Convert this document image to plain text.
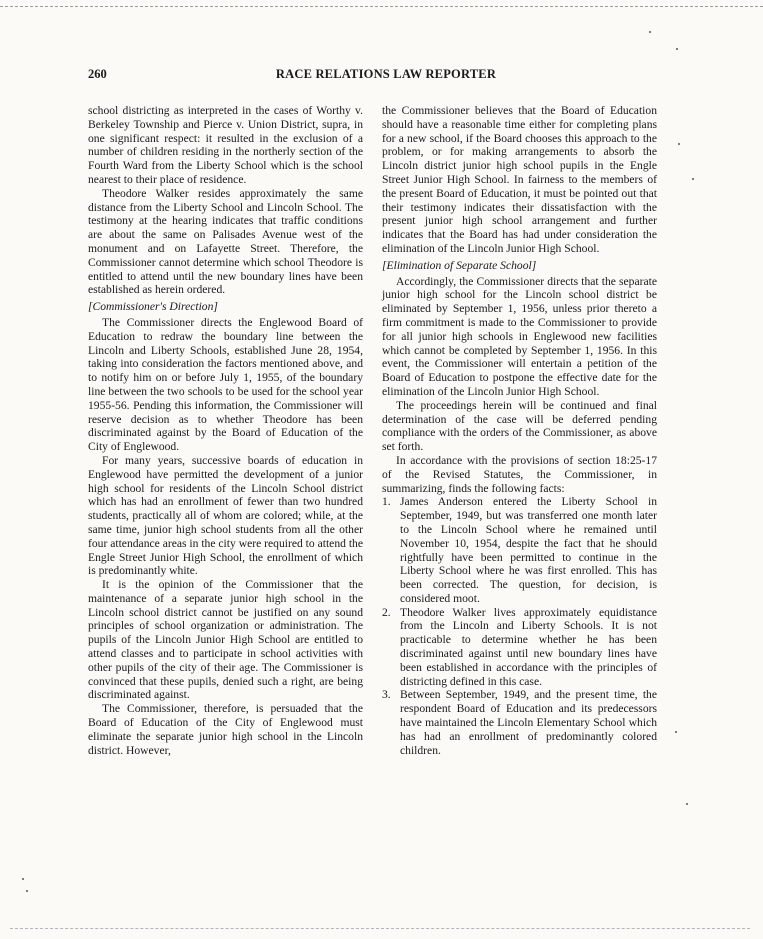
260	RACE RELATIONS LAW REPORTER

school districting as interpreted in the cases of Worthy v. Berkeley Township and Pierce v. Union District, supra, in one significant respect: it resulted in the exclusion of a number of children residing in the northerly section of the Fourth Ward from the Liberty School which is the school nearest to their place of residence.

Theodore Walker resides approximately the same distance from the Liberty School and Lincoln School. The testimony at the hearing indicates that traffic conditions are about the same on Palisades Avenue west of the monument and on Lafayette Street. Therefore, the Commissioner cannot determine which school Theodore is entitled to attend until the new boundary lines have been established as herein ordered.

[Commissioner's Direction]

The Commissioner directs the Englewood Board of Education to redraw the boundary line between the Lincoln and Liberty Schools, established June 28, 1954, taking into consideration the factors mentioned above, and to notify him on or before July 1, 1955, of the boundary line between the two schools to be used for the school year 1955-56. Pending this information, the Commissioner will reserve decision as to whether Theodore has been discriminated against by the Board of Education of the City of Englewood.

For many years, successive boards of education in Englewood have permitted the development of a junior high school for residents of the Lincoln School district which has had an enrollment of fewer than two hundred students, practically all of whom are colored; while, at the same time, junior high school students from all the other four attendance areas in the city were required to attend the Engle Street Junior High School, the enrollment of which is predominantly white.

It is the opinion of the Commissioner that the maintenance of a separate junior high school in the Lincoln school district cannot be justified on any sound principles of school organization or administration. The pupils of the Lincoln Junior High School are entitled to attend classes and to participate in school activities with other pupils of the city of their age. The Commissioner is convinced that these pupils, denied such a right, are being discriminated against.

The Commissioner, therefore, is persuaded that the Board of Education of the City of Englewood must eliminate the separate junior high school in the Lincoln district. However,

the Commissioner believes that the Board of Education should have a reasonable time either for completing plans for a new school, if the Board chooses this approach to the problem, or for making arrangements to absorb the Lincoln district junior high school pupils in the Engle Street Junior High School. In fairness to the members of the present Board of Education, it must be pointed out that their testimony indicates their dissatisfaction with the present junior high school arrangement and further indicates that the Board has had under consideration the elimination of the Lincoln Junior High School.

[Elimination of Separate School]

Accordingly, the Commissioner directs that the separate junior high school for the Lincoln school district be eliminated by September 1, 1956, unless prior thereto a firm commitment is made to the Commissioner to provide for all junior high schools in Englewood new facilities which cannot be completed by September 1, 1956. In this event, the Commissioner will entertain a petition of the Board of Education to postpone the effective date for the elimination of the Lincoln Junior High School.

The proceedings herein will be continued and final determination of the case will be deferred pending compliance with the orders of the Commissioner, as above set forth.

In accordance with the provisions of section 18:25-17 of the Revised Statutes, the Commissioner, in summarizing, finds the following facts:

1. James Anderson entered the Liberty School in September, 1949, but was transferred one month later to the Lincoln School where he remained until November 10, 1954, despite the fact that he should rightfully have been permitted to continue in the Liberty School where he was first enrolled. This has been corrected. The question, for decision, is considered moot.
2. Theodore Walker lives approximately equidistance from the Lincoln and Liberty Schools. It is not practicable to determine whether he has been discriminated against until new boundary lines have been established in accordance with the principles of districting defined in this case.
3. Between September, 1949, and the present time, the respondent Board of Education and its predecessors have maintained the Lincoln Elementary School which has had an enrollment of predominantly colored children.
